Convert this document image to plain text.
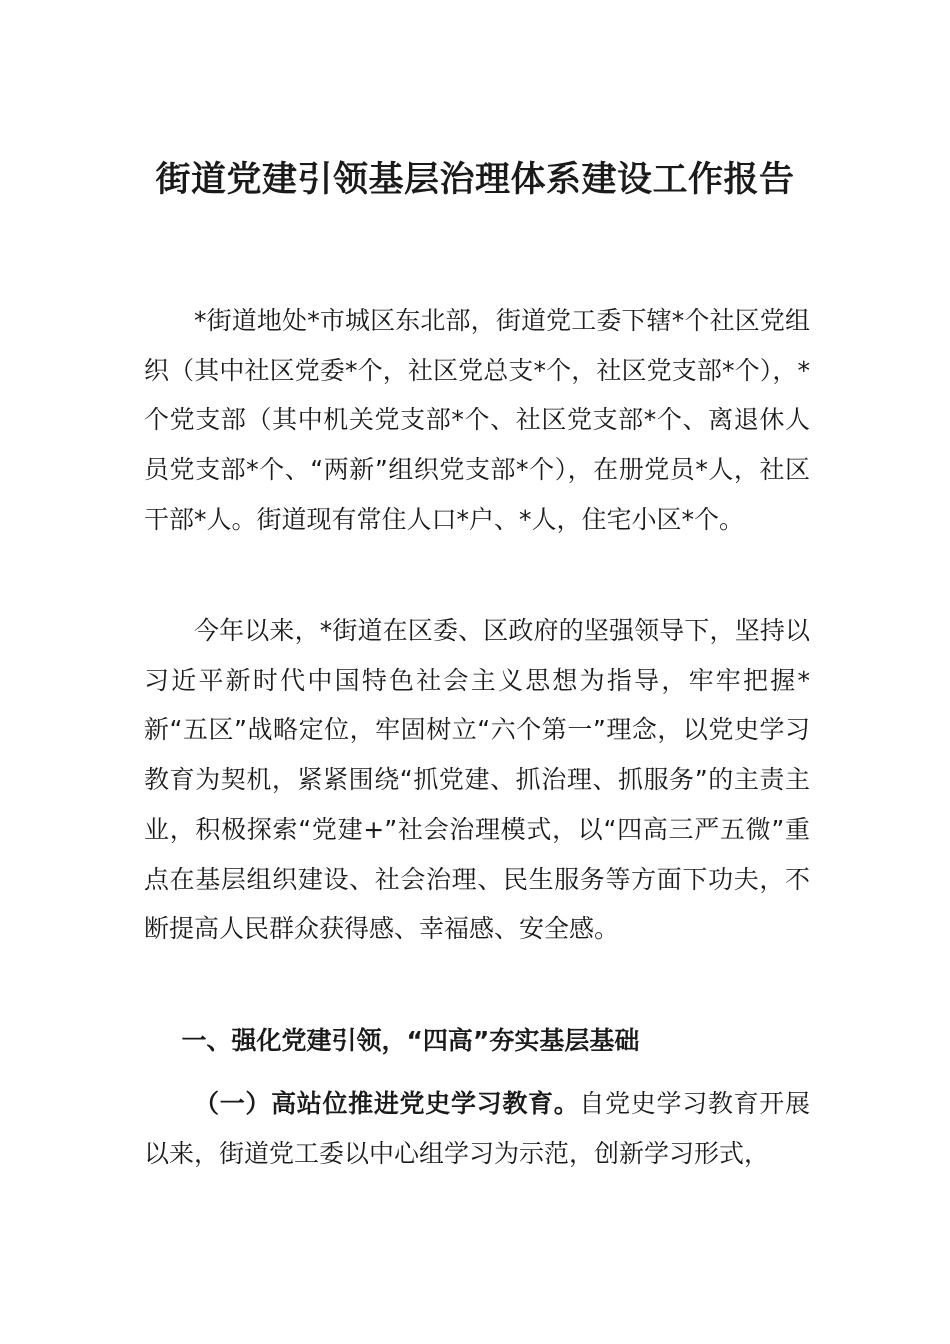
街道党建引领基层治理体系建设工作报告

*街道地处*市城区东北部，街道党工委下辖*个社区党组织（其中社区党委*个，社区党总支*个，社区党支部*个），*个党支部（其中机关党支部*个、社区党支部*个、离退休人员党支部*个、“两新”组织党支部*个），在册党员*人，社区干部*人。街道现有常住人口*户、*人，住宅小区*个。

今年以来，*街道在区委、区政府的坚强领导下，坚持以习近平新时代中国特色社会主义思想为指导，牢牢把握*新“五区”战略定位，牢固树立“六个第一”理念，以党史学习教育为契机，紧紧围绕“抓党建、抓治理、抓服务”的主责主业，积极探索“党建+”社会治理模式，以“四高三严五微”重点在基层组织建设、社会治理、民生服务等方面下功夫，不断提高人民群众获得感、幸福感、安全感。

一、强化党建引领，“四高”夯实基层基础

（一）高站位推进党史学习教育。自党史学习教育开展以来，街道党工委以中心组学习为示范，创新学习形式，
